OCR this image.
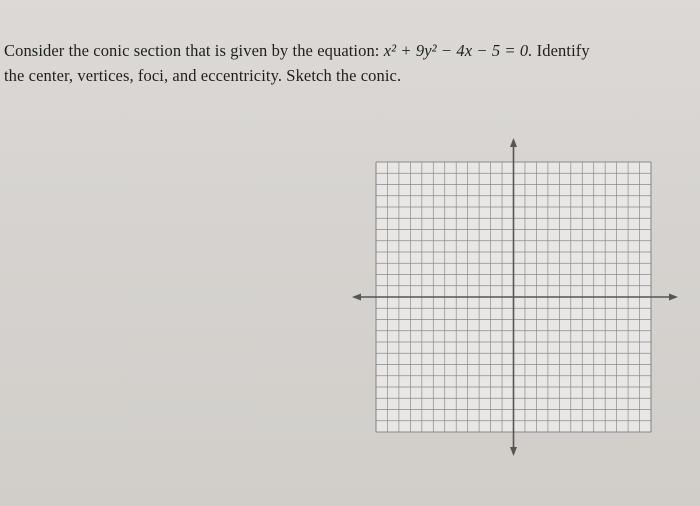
Consider the conic section that is given by the equation: x² + 9y² − 4x − 5 = 0. Identify
the center, vertices, foci, and eccentricity. Sketch the conic.
